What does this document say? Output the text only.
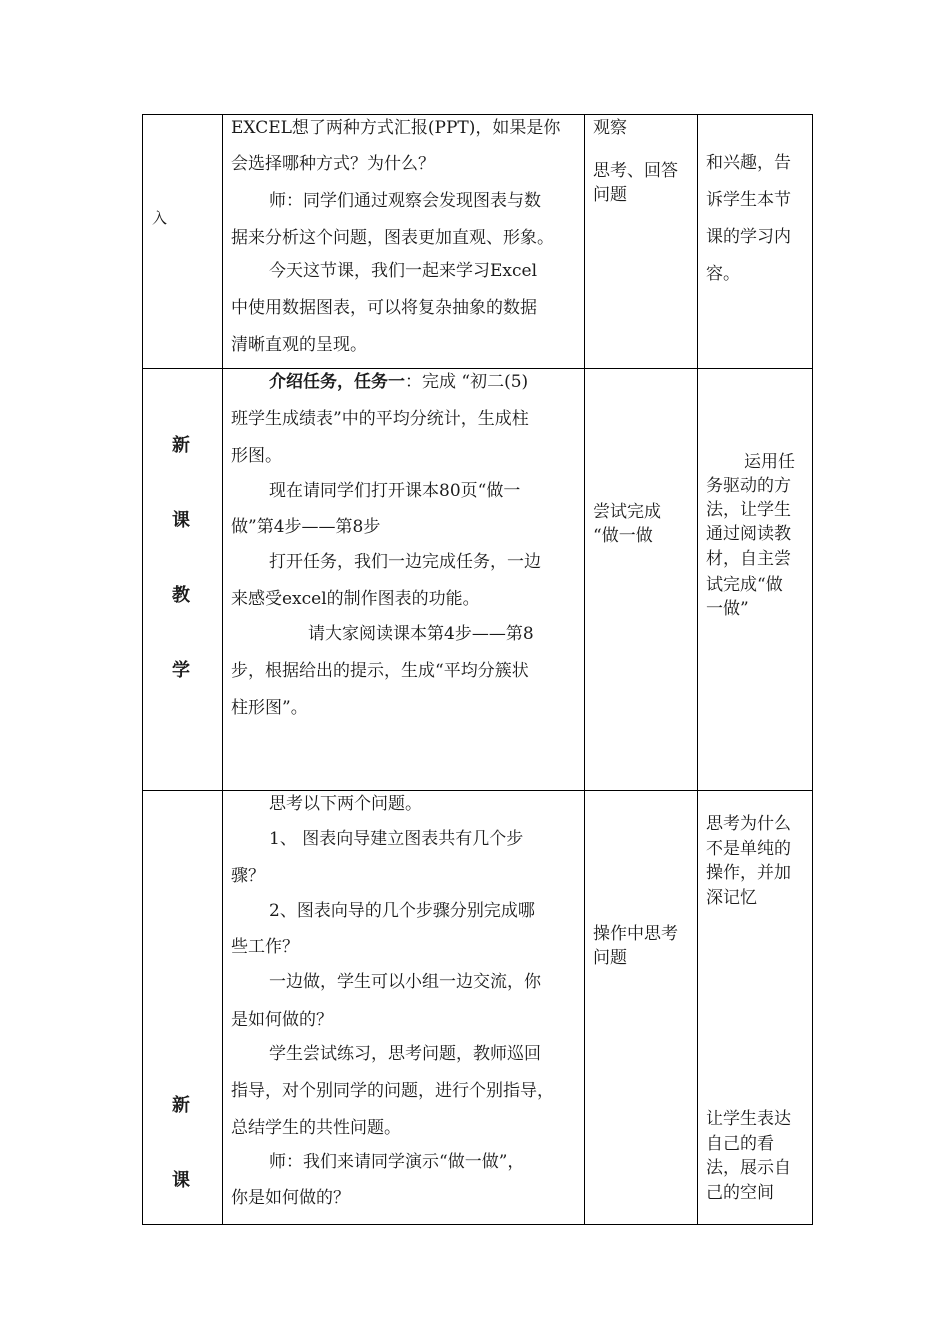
入
EXCEL想了两种方式汇报(PPT)，如果是你
会选择哪种方式？为什么？
师：同学们通过观察会发现图表与数
据来分析这个问题，图表更加直观、形象。
今天这节课，我们一起来学习Excel
中使用数据图表，可以将复杂抽象的数据
清晰直观的呈现。
观察
思考、回答
问题
和兴趣，告
诉学生本节
课的学习内
容。
新
课
教
学
介绍任务，任务一：完成 “初二(5)
班学生成绩表”中的平均分统计，生成柱
形图。
现在请同学们打开课本80页“做一
做”第4步——第8步
打开任务，我们一边完成任务，一边
来感受excel的制作图表的功能。
请大家阅读课本第4步——第8
步，根据给出的提示，生成“平均分簇状
柱形图”。
尝试完成
“做一做
运用任
务驱动的方
法，让学生
通过阅读教
材，自主尝
试完成“做
一做”
新
课
思考以下两个问题。
1、 图表向导建立图表共有几个步
骤？
2、图表向导的几个步骤分别完成哪
些工作？
一边做，学生可以小组一边交流，你
是如何做的？
学生尝试练习，思考问题，教师巡回
指导，对个别同学的问题，进行个别指导，
总结学生的共性问题。
师：我们来请同学演示“做一做”，
你是如何做的？
操作中思考
问题
思考为什么
不是单纯的
操作，并加
深记忆
让学生表达
自己的看
法，展示自
己的空间
